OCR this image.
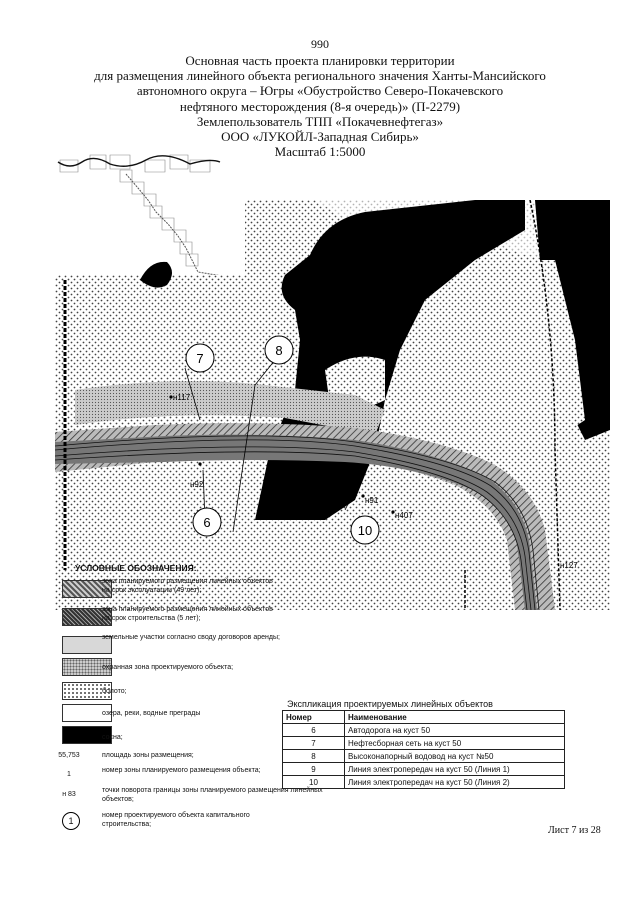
990
Основная часть проекта планировки территории
для размещения линейного объекта регионального значения Ханты-Мансийского
автономного округа – Югры «Обустройство Северо-Покачевского
нефтяного месторождения (8-я очередь)» (П-2279)
Землепользователь ТПП «Покачевнефтегаз»
ООО «ЛУКОЙЛ-Западная Сибирь»
Масштаб 1:5000
7
8
6
10
н117
н92
н91
н407
н127
УСЛОВНЫЕ ОБОЗНАЧЕНИЯ:
зона планируемого размещения линейных объектов на срок эксплуатации (49 лет);
зона планируемого размещения линейных объектов на срок строительства (5 лет);
земельные участки согласно своду договоров аренды;
охранная зона проектируемого объекта;
болото;
озера, реки, водные преграды
сосна;
55,753	площадь зоны размещения;
1
номер зоны планируемого размещения объекта;
н 83
точки поворота границы зоны планируемого размещения линейных объектов;
1
номер проектируемого объекта капитального строительства;
Экспликация проектируемых линейных объектов
Номер	Наименование
6	Автодорога на куст 50
7	Нефтесборная сеть на куст 50
8	Высоконапорный водовод на куст №50
9	Линия электропередач на куст 50 (Линия 1)
10	Линия электропередач на куст 50 (Линия 2)
Лист 7 из 28
